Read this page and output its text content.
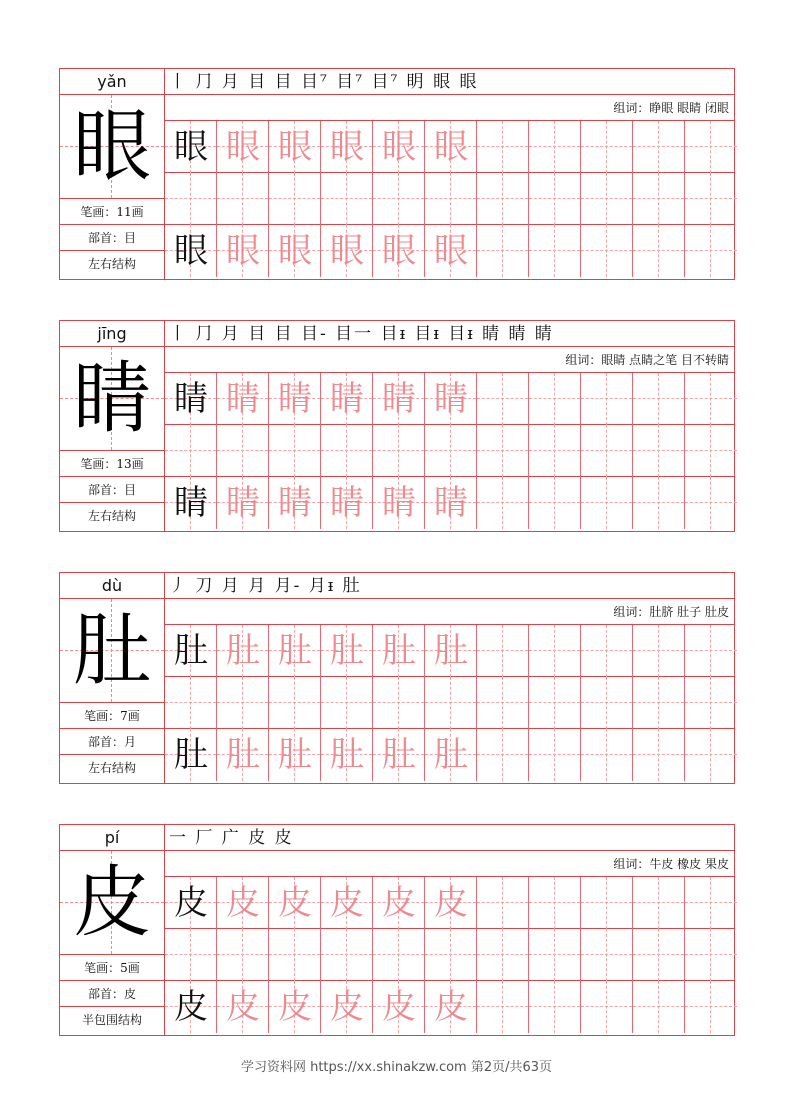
yǎn
眼
笔画：11画
部首：目
左右结构
丨 ⺆ 月 目 目 目⁷ 目⁷ 目⁷ 眀 眼 眼
组词：睁眼 眼睛 闭眼
眼 眼 眼 眼 眼 眼
眼 眼 眼 眼 眼 眼
jīng
睛
笔画：13画
部首：目
左右结构
丨 ⺆ 月 目 目 目- 目一 目ᵻ 目ᵻ 目ᵻ 睛 睛 睛
组词：眼睛 点睛之笔 目不转睛
睛 睛 睛 睛 睛 睛
睛 睛 睛 睛 睛 睛
dù
肚
笔画：7画
部首：月
左右结构
丿 刀 月 月 月- 月ᵻ 肚
组词：肚脐 肚子 肚皮
肚 肚 肚 肚 肚 肚
肚 肚 肚 肚 肚 肚
pí
皮
笔画：5画
部首：皮
半包围结构
一 厂 广 皮 皮
组词：牛皮 橡皮 果皮
皮 皮 皮 皮 皮 皮
皮 皮 皮 皮 皮 皮
学习资料网 https://xx.shinakzw.com 第2页/共63页
